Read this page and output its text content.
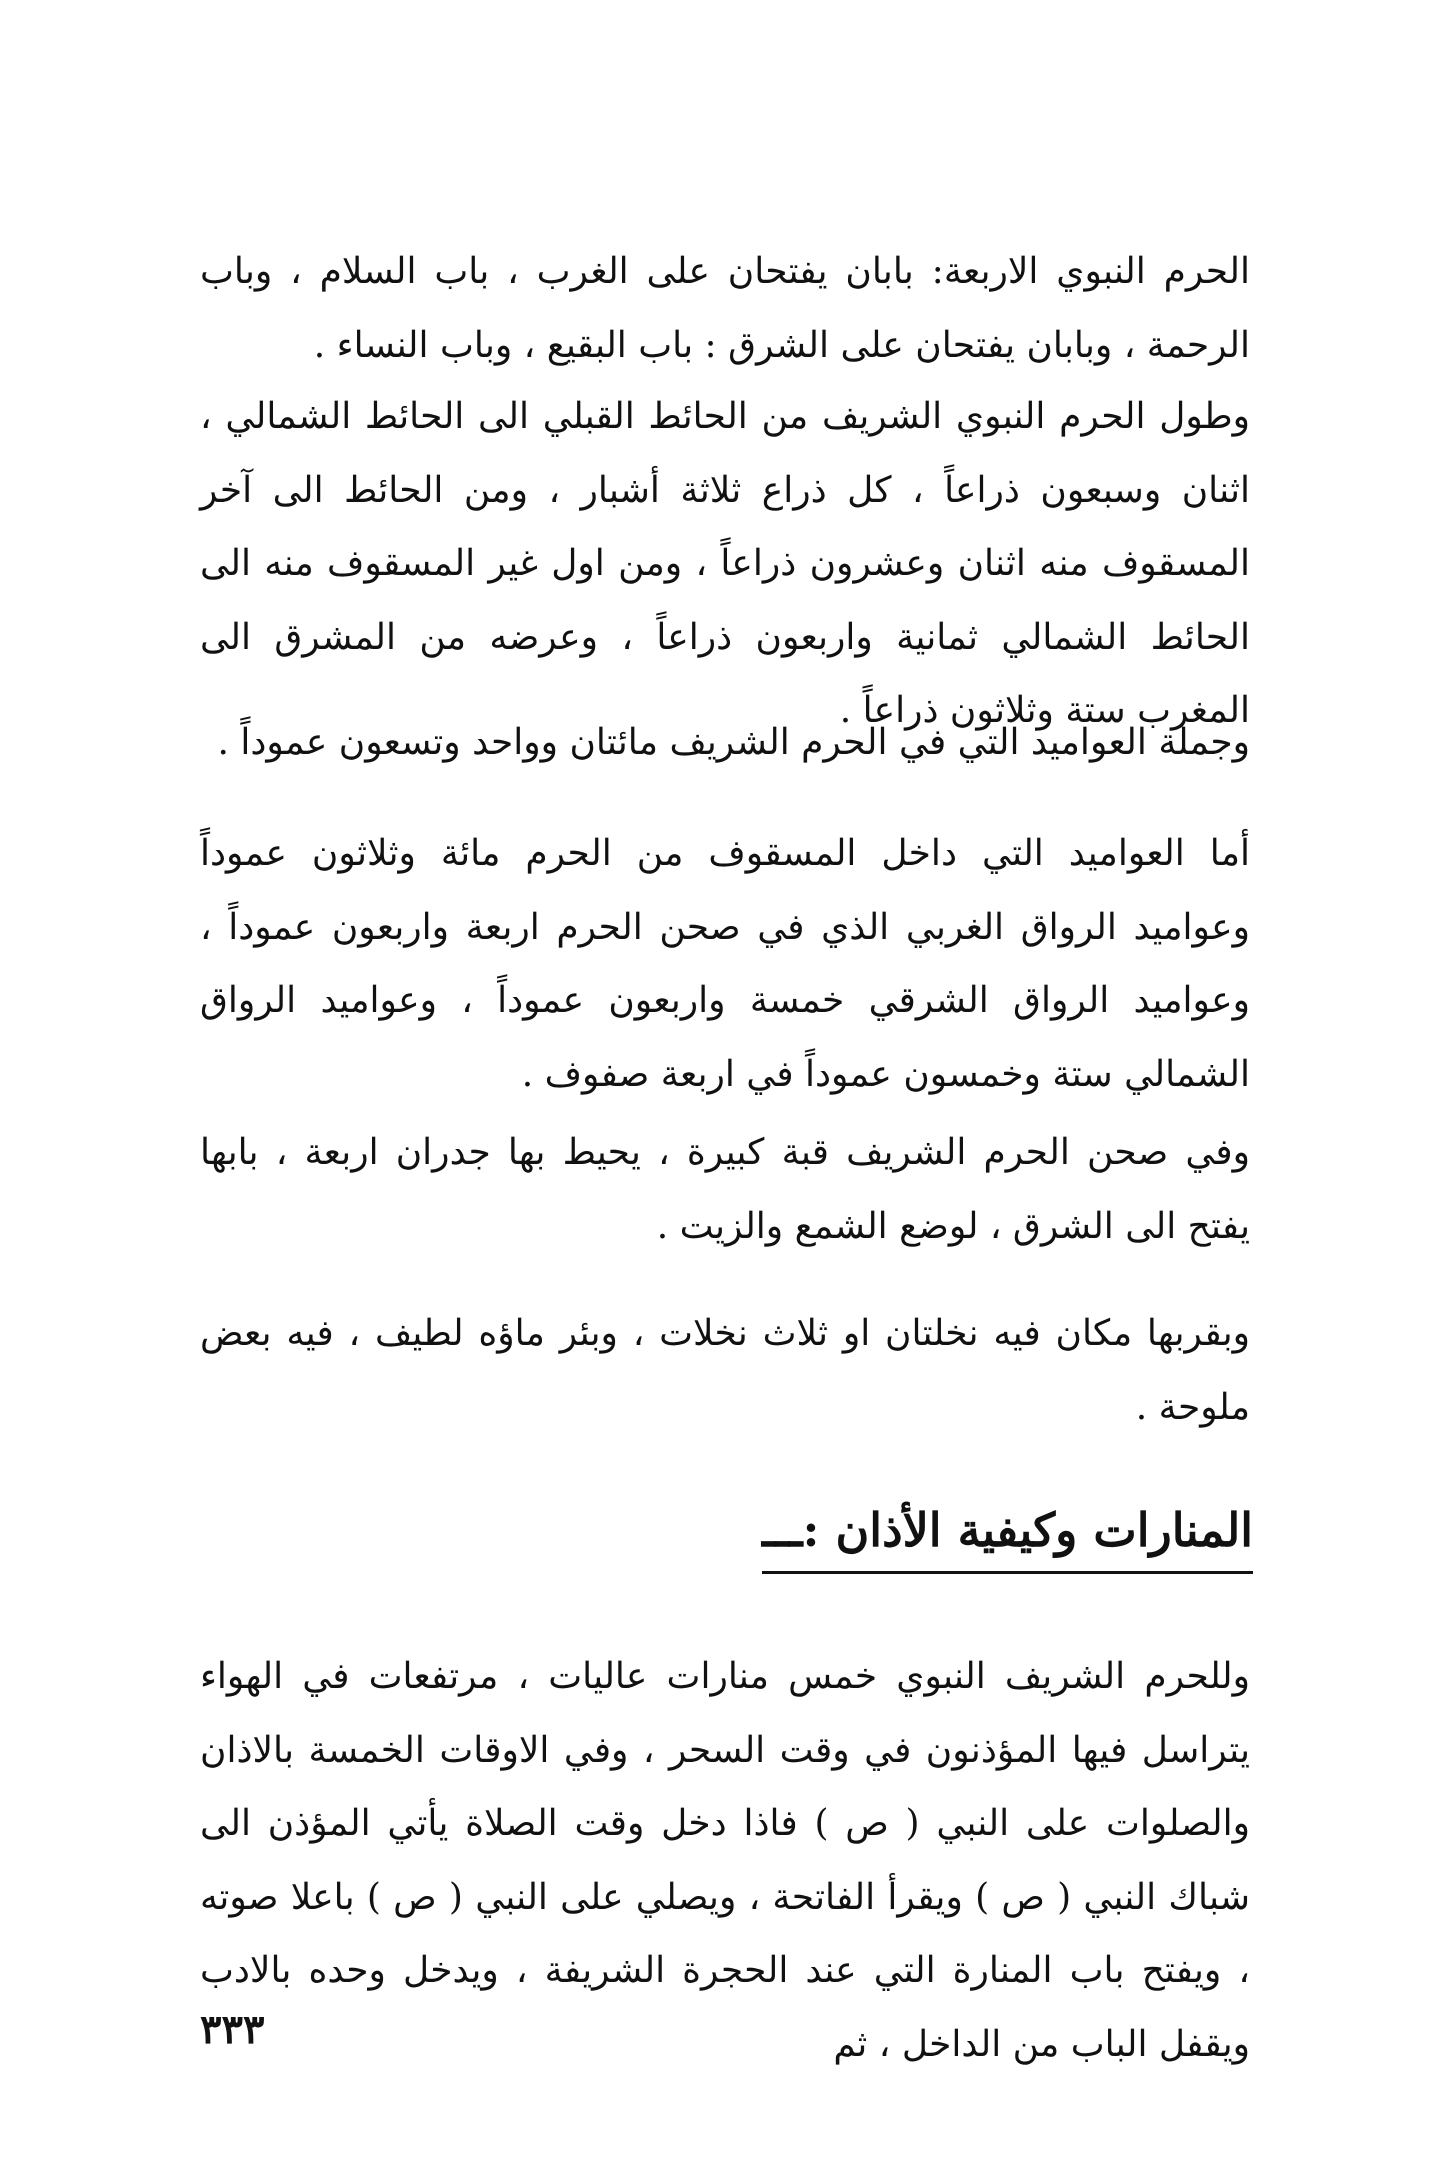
الحرم النبوي الاربعة: بابان يفتحان على الغرب ، باب السلام ، وباب الرحمة ، وبابان يفتحان على الشرق : باب البقيع ، وباب النساء .

وطول الحرم النبوي الشريف من الحائط القبلي الى الحائط الشمالي ، اثنان وسبعون ذراعاً ، كل ذراع ثلاثة أشبار ، ومن الحائط الى آخر المسقوف منه اثنان وعشرون ذراعاً ، ومن اول غير المسقوف منه الى الحائط الشمالي ثمانية واربعون ذراعاً ، وعرضه من المشرق الى المغرب ستة وثلاثون ذراعاً .

وجملة العواميد التي في الحرم الشريف مائتان وواحد وتسعون عموداً .

أما العواميد التي داخل المسقوف من الحرم مائة وثلاثون عموداً وعواميد الرواق الغربي الذي في صحن الحرم اربعة واربعون عموداً ، وعواميد الرواق الشرقي خمسة واربعون عموداً ، وعواميد الرواق الشمالي ستة وخمسون عموداً في اربعة صفوف .

وفي صحن الحرم الشريف قبة كبيرة ، يحيط بها جدران اربعة ، بابها يفتح الى الشرق ، لوضع الشمع والزيت .

وبقربها مكان فيه نخلتان او ثلاث نخلات ، وبئر ماؤه لطيف ، فيه بعض ملوحة .

المنارات وكيفية الأذان :ـــ

وللحرم الشريف النبوي خمس منارات عاليات ، مرتفعات في الهواء يتراسل فيها المؤذنون في وقت السحر ، وفي الاوقات الخمسة بالاذان والصلوات على النبي ( ص ) فاذا دخل وقت الصلاة يأتي المؤذن الى شباك النبي ( ص ) ويقرأ الفاتحة ، ويصلي على النبي ( ص ) باعلا صوته ، ويفتح باب المنارة التي عند الحجرة الشريفة ، ويدخل وحده بالادب ويقفل الباب من الداخل ، ثم

٣٣٣
